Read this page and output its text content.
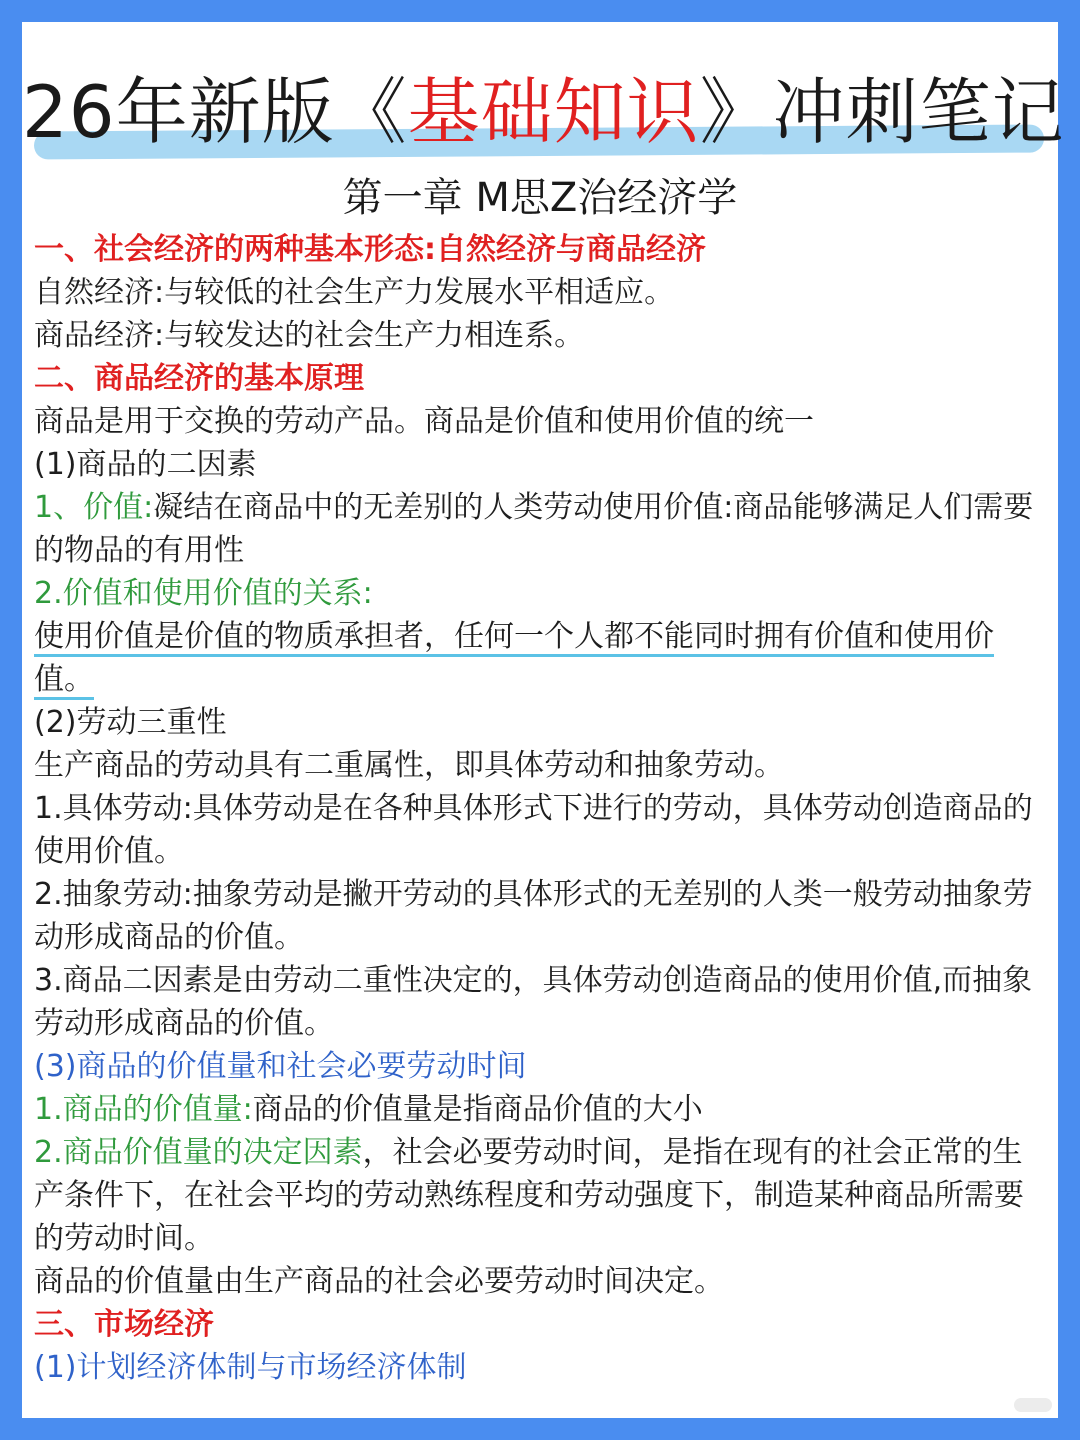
26年新版《基础知识》冲刺笔记
第一章 M思Z治经济学

一、社会经济的两种基本形态:自然经济与商品经济

自然经济:与较低的社会生产力发展水平相适应。

商品经济:与较发达的社会生产力相连系。

二、商品经济的基本原理

商品是用于交换的劳动产品。商品是价值和使用价值的统一

(1)商品的二因素

1、价值:凝结在商品中的无差别的人类劳动使用价值:商品能够满足人们需要的物品的有用性

2.价值和使用价值的关系:

使用价值是价值的物质承担者，任何一个人都不能同时拥有价值和使用价值。

(2)劳动三重性

生产商品的劳动具有二重属性，即具体劳动和抽象劳动。

1.具体劳动:具体劳动是在各种具体形式下进行的劳动，具体劳动创造商品的使用价值。

2.抽象劳动:抽象劳动是撇开劳动的具体形式的无差别的人类一般劳动抽象劳动形成商品的价值。

3.商品二因素是由劳动二重性决定的，具体劳动创造商品的使用价值,而抽象劳动形成商品的价值。

(3)商品的价值量和社会必要劳动时间

1.商品的价值量:商品的价值量是指商品价值的大小

2.商品价值量的决定因素，社会必要劳动时间，是指在现有的社会正常的生产条件下，在社会平均的劳动熟练程度和劳动强度下，制造某种商品所需要的劳动时间。

商品的价值量由生产商品的社会必要劳动时间决定。

三、市场经济

(1)计划经济体制与市场经济体制
